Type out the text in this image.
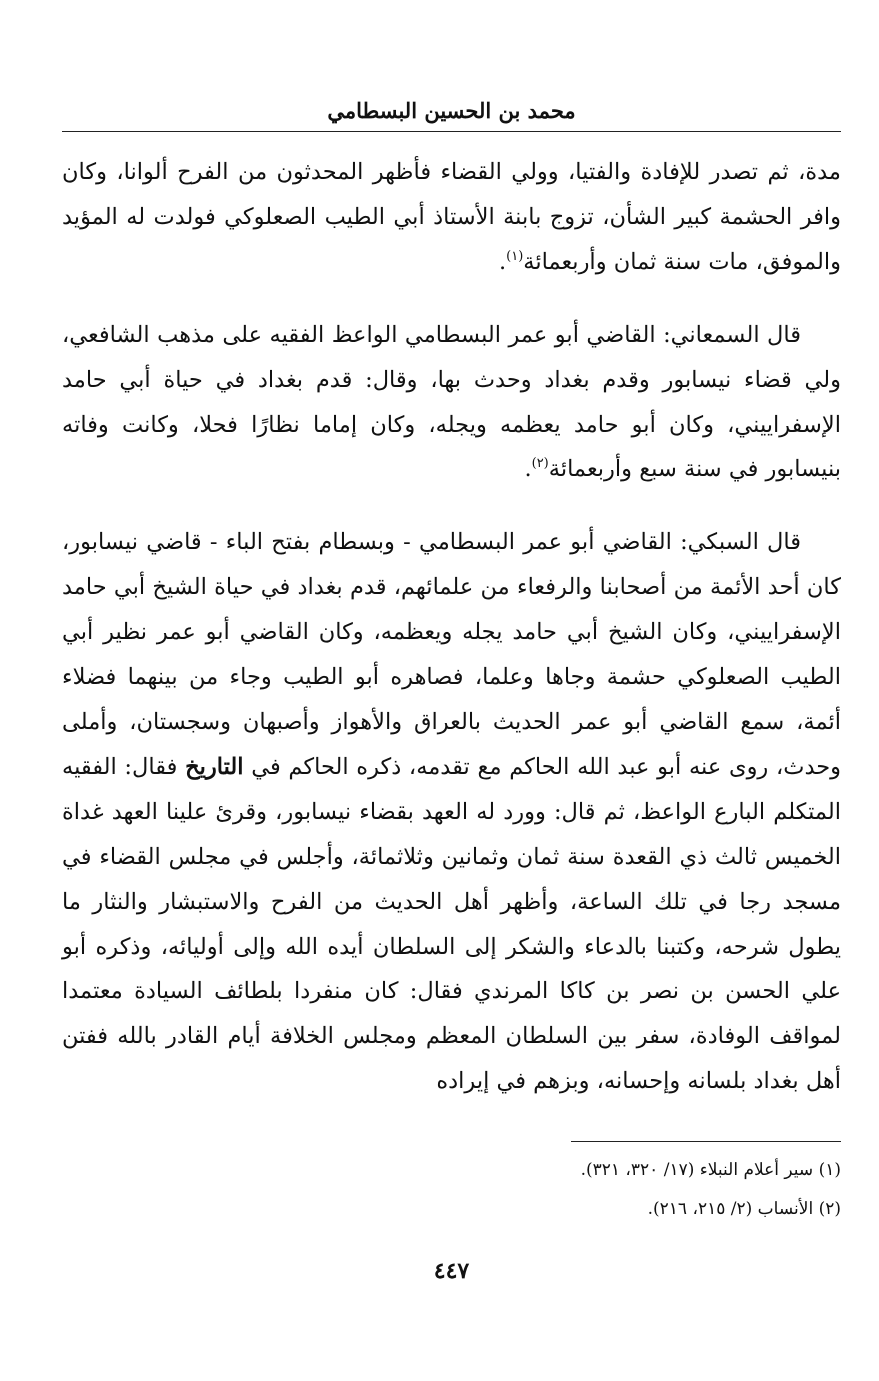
محمد بن الحسين البسطامي

مدة، ثم تصدر للإفادة والفتيا، وولي القضاء فأظهر المحدثون من الفرح ألوانا، وكان وافر الحشمة كبير الشأن، تزوج بابنة الأستاذ أبي الطيب الصعلوكي فولدت له المؤيد والموفق، مات سنة ثمان وأربعمائة$^{(١)}$.

قال السمعاني: القاضي أبو عمر البسطامي الواعظ الفقيه على مذهب الشافعي، ولي قضاء نيسابور وقدم بغداد وحدث بها، وقال: قدم بغداد في حياة أبي حامد الإسفراييني، وكان أبو حامد يعظمه ويجله، وكان إماما نظارًا فحلا، وكانت وفاته بنيسابور في سنة سبع وأربعمائة$^{(٢)}$.

قال السبكي: القاضي أبو عمر البسطامي - وبسطام بفتح الباء - قاضي نيسابور، كان أحد الأئمة من أصحابنا والرفعاء من علمائهم، قدم بغداد في حياة الشيخ أبي حامد الإسفراييني، وكان الشيخ أبي حامد يجله ويعظمه، وكان القاضي أبو عمر نظير أبي الطيب الصعلوكي حشمة وجاها وعلما، فصاهره أبو الطيب وجاء من بينهما فضلاء أئمة، سمع القاضي أبو عمر الحديث بالعراق والأهواز وأصبهان وسجستان، وأملى وحدث، روى عنه أبو عبد الله الحاكم مع تقدمه، ذكره الحاكم في التاريخ فقال: الفقيه المتكلم البارع الواعظ، ثم قال: وورد له العهد بقضاء نيسابور، وقرئ علينا العهد غداة الخميس ثالث ذي القعدة سنة ثمان وثمانين وثلاثمائة، وأجلس في مجلس القضاء في مسجد رجا في تلك الساعة، وأظهر أهل الحديث من الفرح والاستبشار والنثار ما يطول شرحه، وكتبنا بالدعاء والشكر إلى السلطان أيده الله وإلى أوليائه، وذكره أبو علي الحسن بن نصر بن كاكا المرندي فقال: كان منفردا بلطائف السيادة معتمدا لمواقف الوفادة، سفر بين السلطان المعظم ومجلس الخلافة أيام القادر بالله ففتن أهل بغداد بلسانه وإحسانه، وبزهم في إيراده

(١) سير أعلام النبلاء (١٧/ ٣٢٠، ٣٢١).
(٢) الأنساب (٢/ ٢١٥، ٢١٦).
٤٤٧
